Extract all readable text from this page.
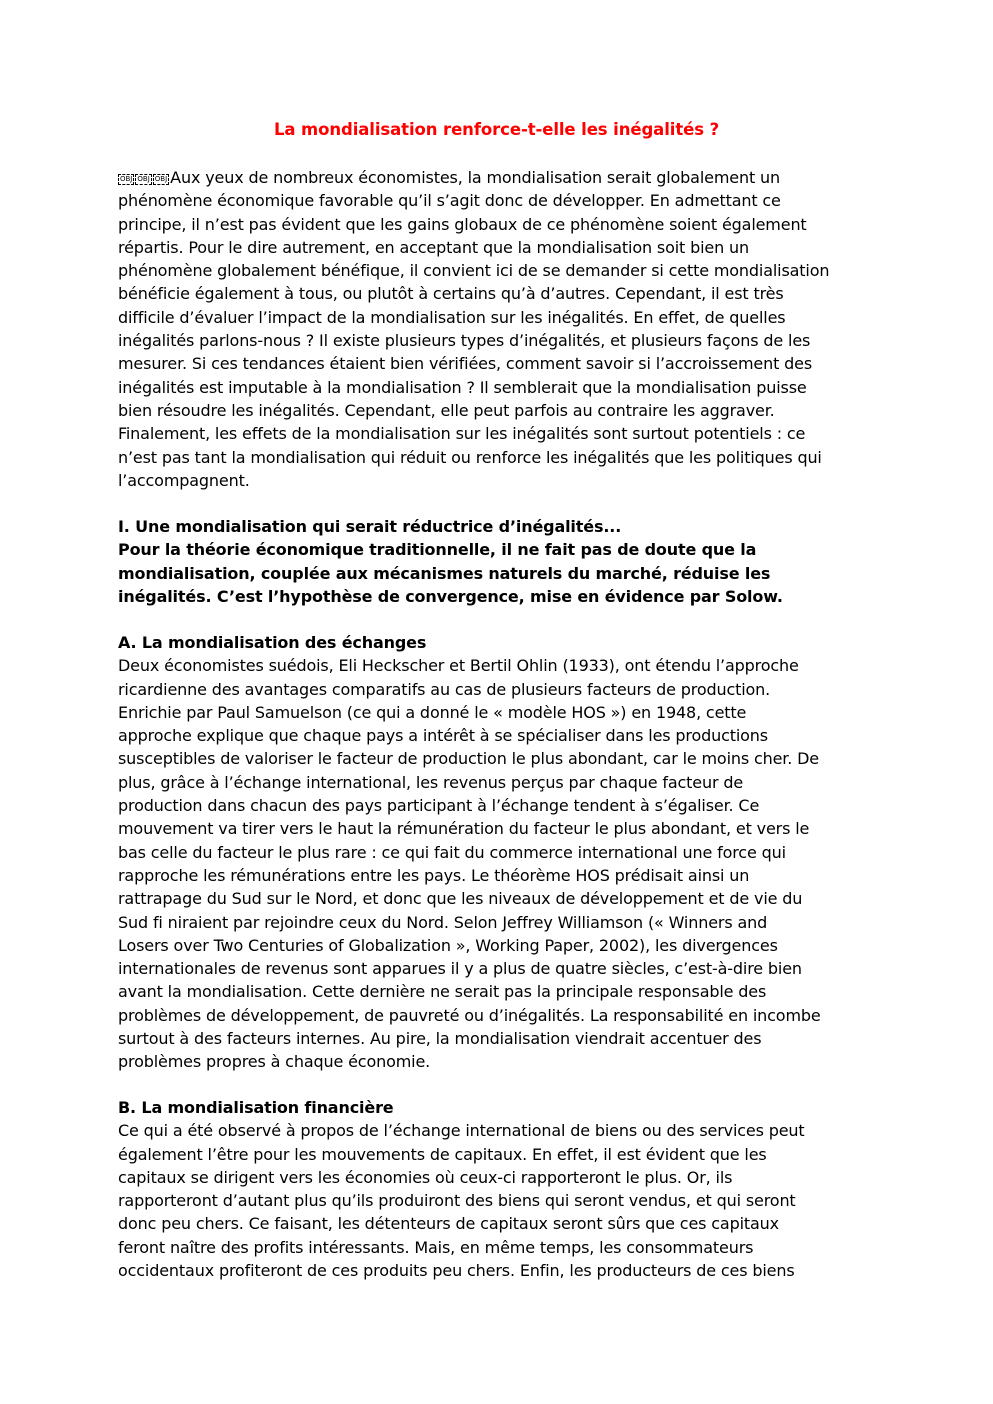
La mondialisation renforce-t-elle les inégalités ?
OBJ OBJ OBJ Aux yeux de nombreux économistes, la mondialisation serait globalement un
phénomène économique favorable qu’il s’agit donc de développer. En admettant ce
principe, il n’est pas évident que les gains globaux de ce phénomène soient également
répartis. Pour le dire autrement, en acceptant que la mondialisation soit bien un
phénomène globalement bénéfique, il convient ici de se demander si cette mondialisation
bénéficie également à tous, ou plutôt à certains qu’à d’autres. Cependant, il est très
difficile d’évaluer l’impact de la mondialisation sur les inégalités. En effet, de quelles
inégalités parlons-nous ? Il existe plusieurs types d’inégalités, et plusieurs façons de les
mesurer. Si ces tendances étaient bien vérifiées, comment savoir si l’accroissement des
inégalités est imputable à la mondialisation ? Il semblerait que la mondialisation puisse
bien résoudre les inégalités. Cependant, elle peut parfois au contraire les aggraver.
Finalement, les effets de la mondialisation sur les inégalités sont surtout potentiels : ce
n’est pas tant la mondialisation qui réduit ou renforce les inégalités que les politiques qui
l’accompagnent.
I. Une mondialisation qui serait réductrice d’inégalités...
Pour la théorie économique traditionnelle, il ne fait pas de doute que la
mondialisation, couplée aux mécanismes naturels du marché, réduise les
inégalités. C’est l’hypothèse de convergence, mise en évidence par Solow.
A. La mondialisation des échanges
Deux économistes suédois, Eli Heckscher et Bertil Ohlin (1933), ont étendu l’approche
ricardienne des avantages comparatifs au cas de plusieurs facteurs de production.
Enrichie par Paul Samuelson (ce qui a donné le « modèle HOS ») en 1948, cette
approche explique que chaque pays a intérêt à se spécialiser dans les productions
susceptibles de valoriser le facteur de production le plus abondant, car le moins cher. De
plus, grâce à l’échange international, les revenus perçus par chaque facteur de
production dans chacun des pays participant à l’échange tendent à s’égaliser. Ce
mouvement va tirer vers le haut la rémunération du facteur le plus abondant, et vers le
bas celle du facteur le plus rare : ce qui fait du commerce international une force qui
rapproche les rémunérations entre les pays. Le théorème HOS prédisait ainsi un
rattrapage du Sud sur le Nord, et donc que les niveaux de développement et de vie du
Sud fi niraient par rejoindre ceux du Nord. Selon Jeffrey Williamson (« Winners and
Losers over Two Centuries of Globalization », Working Paper, 2002), les divergences
internationales de revenus sont apparues il y a plus de quatre siècles, c’est-à-dire bien
avant la mondialisation. Cette dernière ne serait pas la principale responsable des
problèmes de développement, de pauvreté ou d’inégalités. La responsabilité en incombe
surtout à des facteurs internes. Au pire, la mondialisation viendrait accentuer des
problèmes propres à chaque économie.
B. La mondialisation financière
Ce qui a été observé à propos de l’échange international de biens ou des services peut
également l’être pour les mouvements de capitaux. En effet, il est évident que les
capitaux se dirigent vers les économies où ceux-ci rapporteront le plus. Or, ils
rapporteront d’autant plus qu’ils produiront des biens qui seront vendus, et qui seront
donc peu chers. Ce faisant, les détenteurs de capitaux seront sûrs que ces capitaux
feront naître des profits intéressants. Mais, en même temps, les consommateurs
occidentaux profiteront de ces produits peu chers. Enfin, les producteurs de ces biens
